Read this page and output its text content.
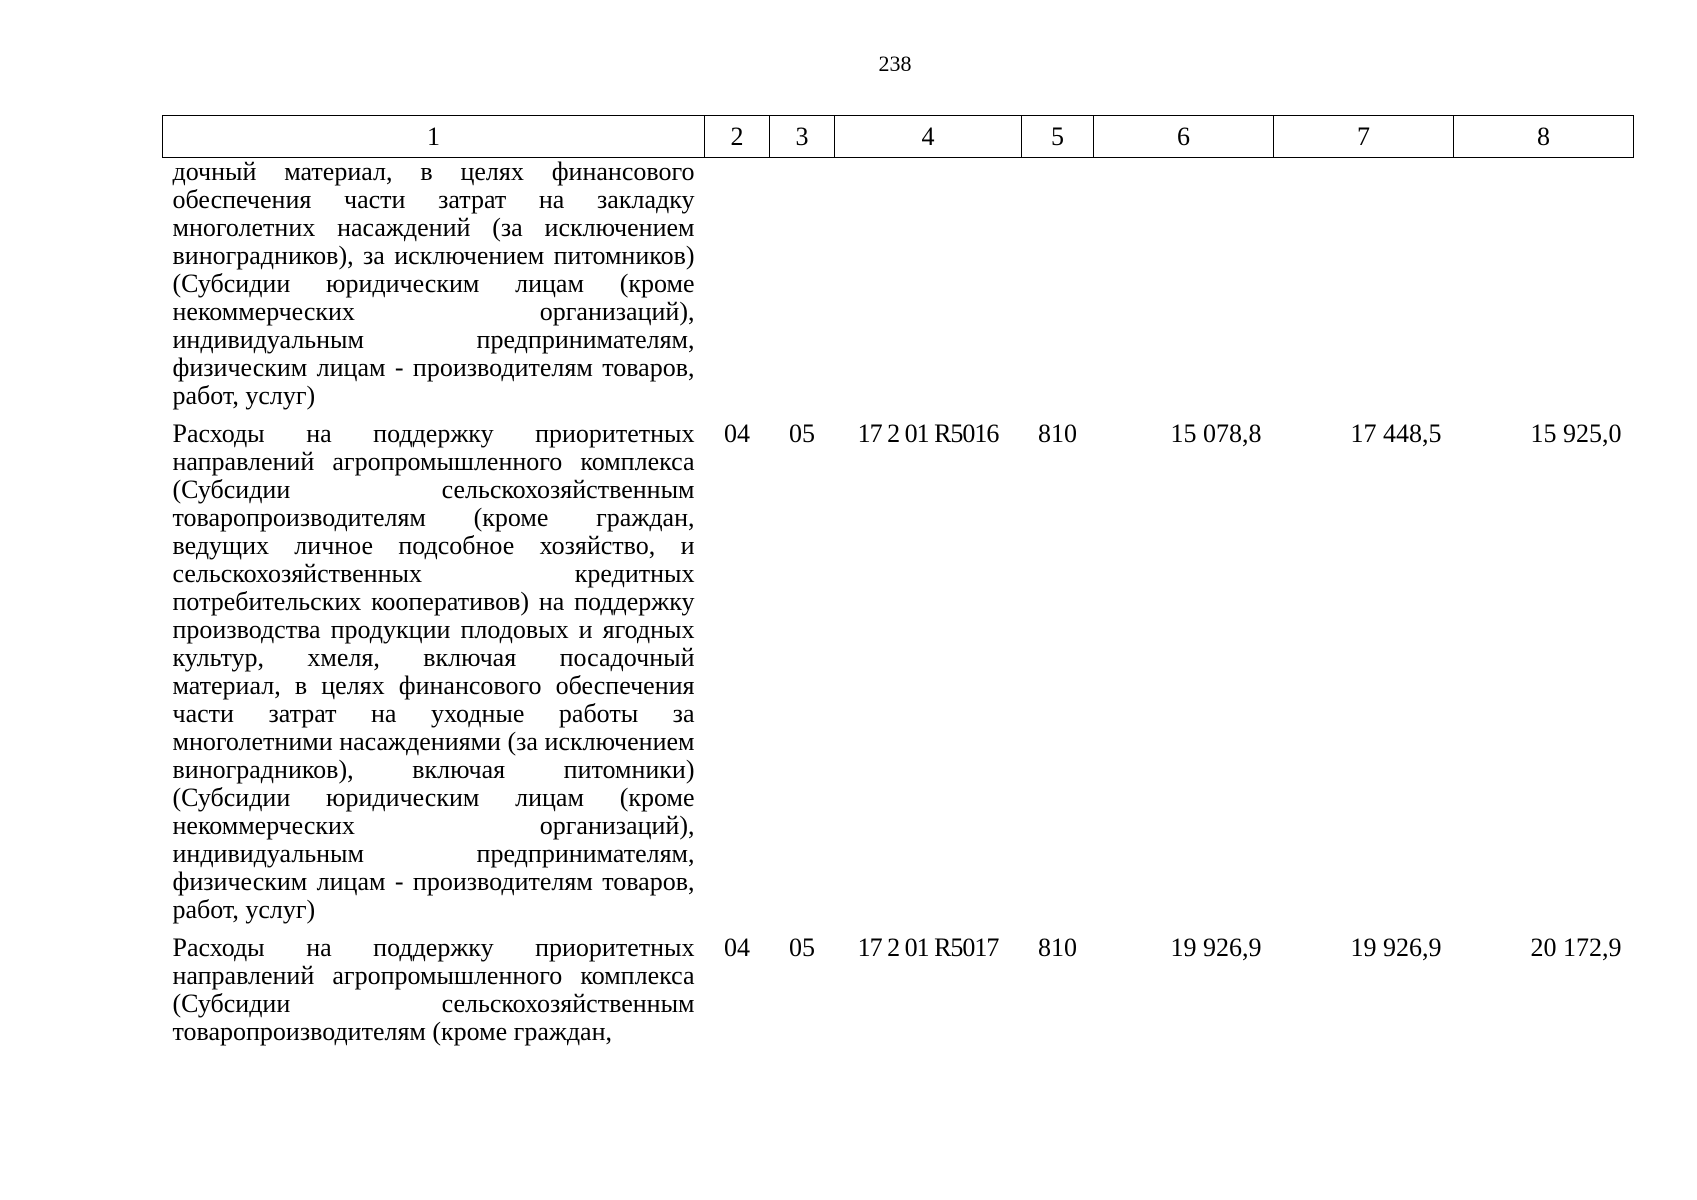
238
1	2	3	4	5	6	7	8
дочный материал, в целях финансового обеспечения части затрат на закладку многолетних насаждений (за исключением виноградников), за исключением питомников) (Субсидии юридическим лицам (кроме некоммерческих организаций), индивидуальным предпринимателям, физическим лицам - производителям товаров, работ, услуг)							
Расходы на поддержку приоритетных направлений агропромышленного комплекса (Субсидии сельскохозяйственным товаропроизводителям (кроме граждан, ведущих личное подсобное хозяйство, и сельскохозяйственных кредитных потребительских кооперативов) на поддержку производства продукции плодовых и ягодных культур, хмеля, включая посадочный материал, в целях финансового обеспечения части затрат на уходные работы за многолетними насаждениями (за исключением виноградников), включая питомники) (Субсидии юридическим лицам (кроме некоммерческих организаций), индивидуальным предпринимателям, физическим лицам - производителям товаров, работ, услуг)	04	05	17 2 01 R5016	810	15 078,8	17 448,5	15 925,0
Расходы на поддержку приоритетных направлений агропромышленного комплекса (Субсидии сельскохозяйственным товаропроизводителям (кроме граждан,	04	05	17 2 01 R5017	810	19 926,9	19 926,9	20 172,9
